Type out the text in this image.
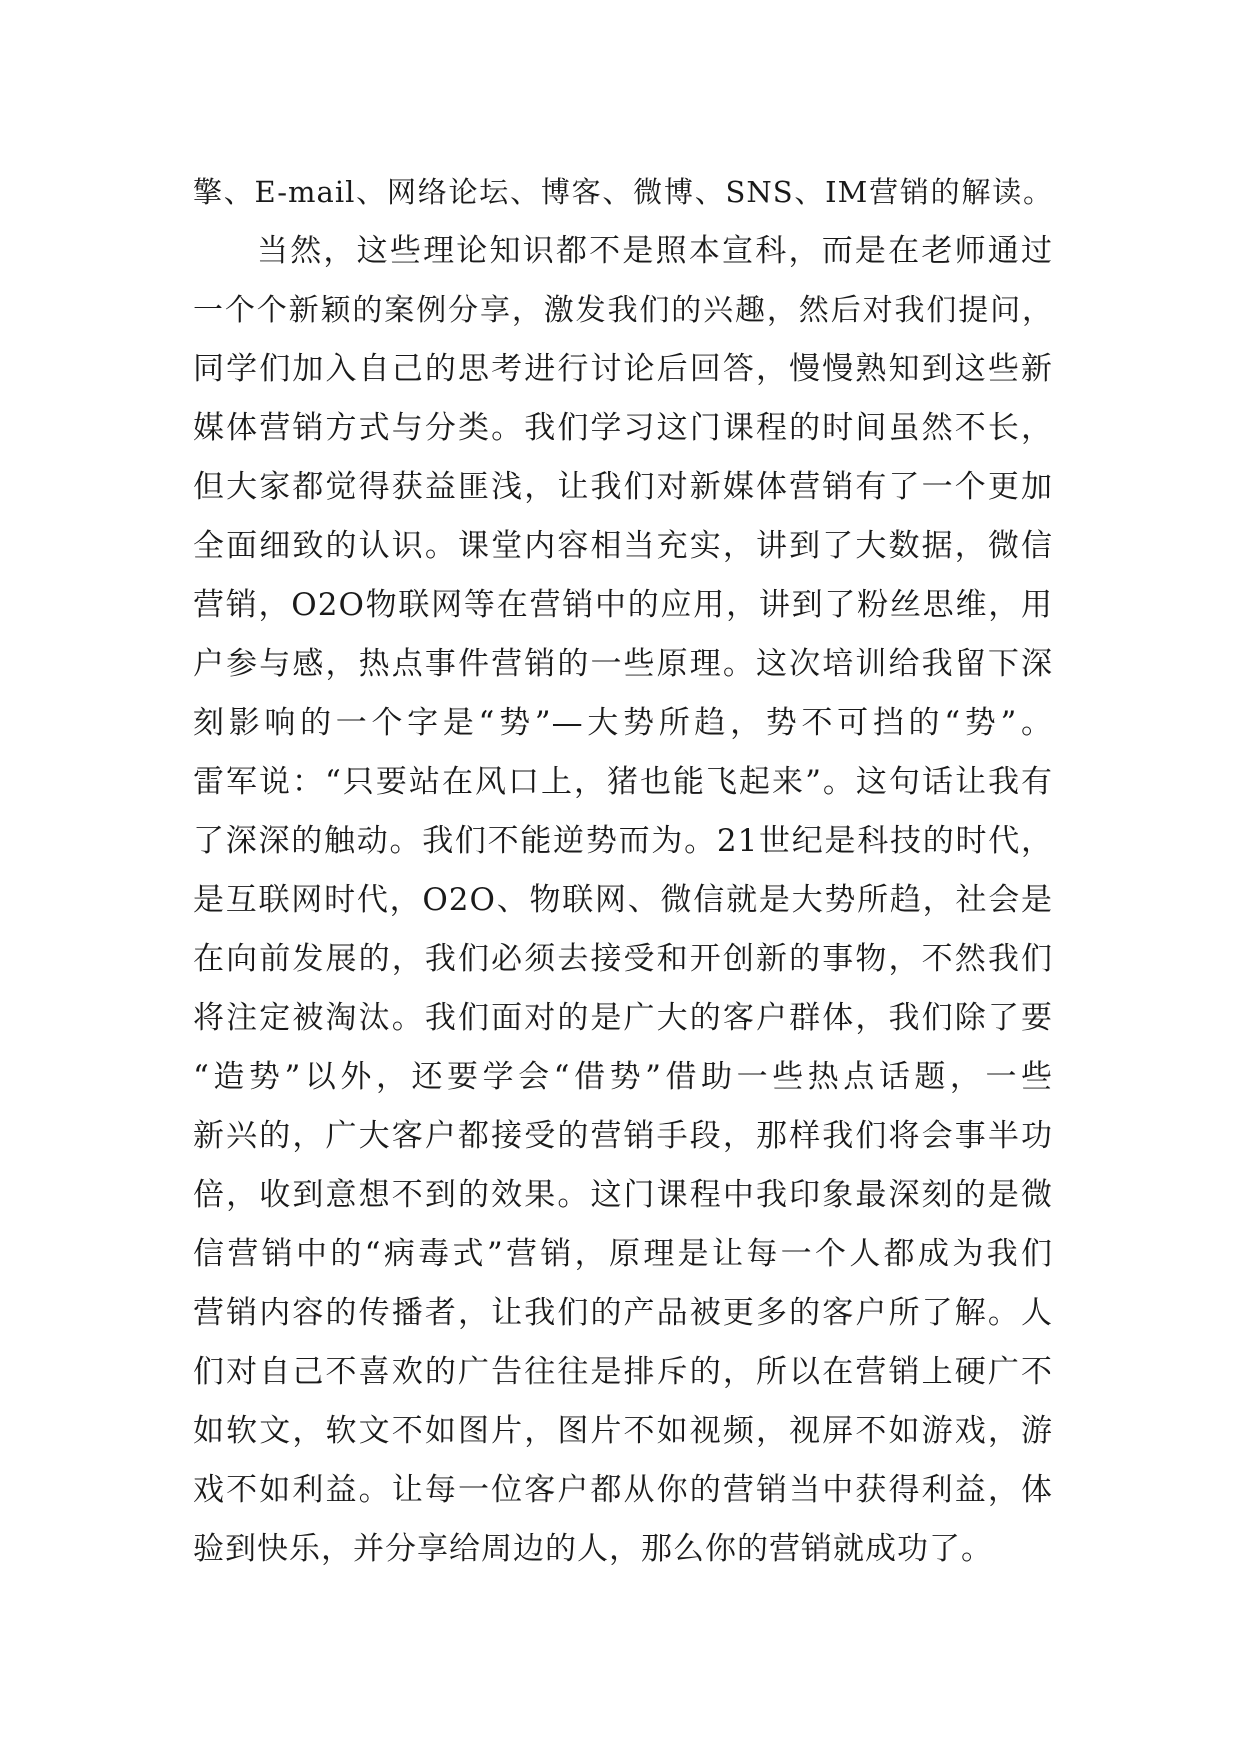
擎、E-mail、网络论坛、博客、微博、SNS、IM营销的解读。
当然，这些理论知识都不是照本宣科，而是在老师通过
一个个新颖的案例分享，激发我们的兴趣，然后对我们提问，
同学们加入自己的思考进行讨论后回答，慢慢熟知到这些新
媒体营销方式与分类。我们学习这门课程的时间虽然不长，
但大家都觉得获益匪浅，让我们对新媒体营销有了一个更加
全面细致的认识。课堂内容相当充实，讲到了大数据，微信
营销，O2O物联网等在营销中的应用，讲到了粉丝思维，用
户参与感，热点事件营销的一些原理。这次培训给我留下深
刻影响的一个字是“势”—大势所趋，势不可挡的“势”。
雷军说：“只要站在风口上，猪也能飞起来”。这句话让我有
了深深的触动。我们不能逆势而为。21世纪是科技的时代，
是互联网时代，O2O、物联网、微信就是大势所趋，社会是
在向前发展的，我们必须去接受和开创新的事物，不然我们
将注定被淘汰。我们面对的是广大的客户群体，我们除了要
“造势”以外，还要学会“借势”借助一些热点话题，一些
新兴的，广大客户都接受的营销手段，那样我们将会事半功
倍，收到意想不到的效果。这门课程中我印象最深刻的是微
信营销中的“病毒式”营销，原理是让每一个人都成为我们
营销内容的传播者，让我们的产品被更多的客户所了解。人
们对自己不喜欢的广告往往是排斥的，所以在营销上硬广不
如软文，软文不如图片，图片不如视频，视屏不如游戏，游
戏不如利益。让每一位客户都从你的营销当中获得利益，体
验到快乐，并分享给周边的人，那么你的营销就成功了。
